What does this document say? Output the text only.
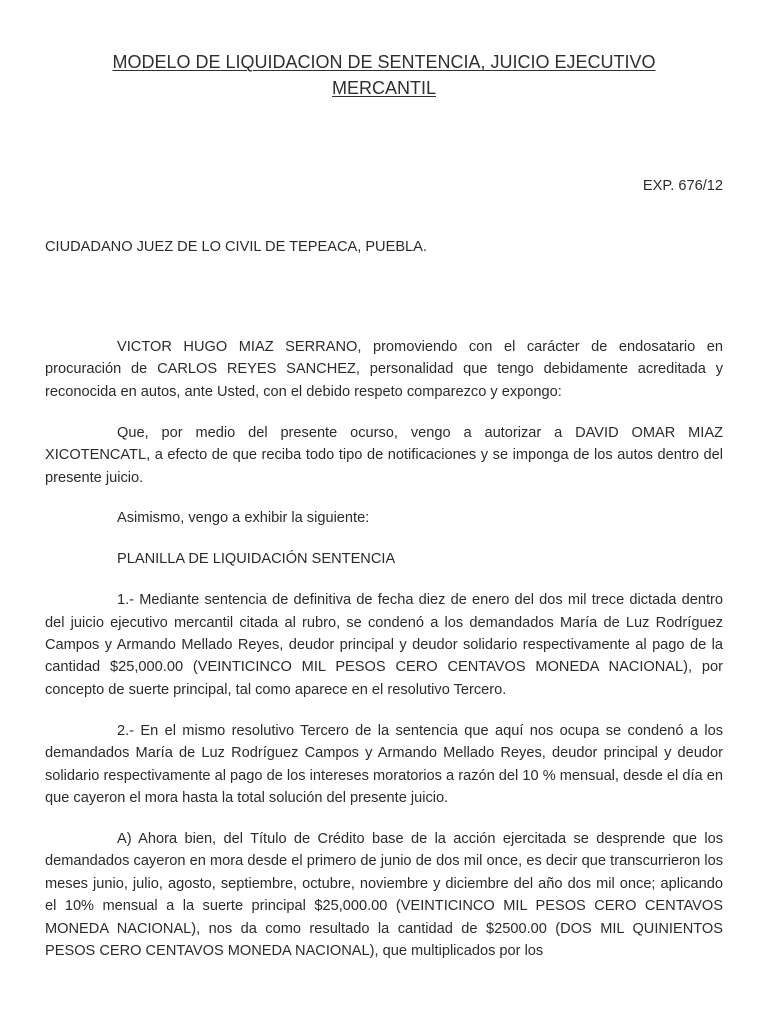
MODELO DE LIQUIDACION DE SENTENCIA, JUICIO EJECUTIVO MERCANTIL
EXP. 676/12
CIUDADANO JUEZ DE LO CIVIL DE TEPEACA, PUEBLA.

VICTOR HUGO MIAZ SERRANO, promoviendo con el carácter de endosatario en procuración de CARLOS REYES SANCHEZ, personalidad que tengo debidamente acreditada y reconocida en autos, ante Usted, con el debido respeto comparezco y expongo:

Que, por medio del presente ocurso, vengo a autorizar a DAVID OMAR MIAZ XICOTENCATL, a efecto de que reciba todo tipo de notificaciones y se imponga de los autos dentro del presente juicio.

Asimismo, vengo a exhibir la siguiente:

PLANILLA DE LIQUIDACIÓN SENTENCIA

1.- Mediante sentencia de definitiva de fecha diez de enero del dos mil trece dictada dentro del juicio ejecutivo mercantil citada al rubro, se condenó a los demandados María de Luz Rodríguez Campos y Armando Mellado Reyes, deudor principal y deudor solidario respectivamente al pago de la cantidad $25,000.00 (VEINTICINCO MIL PESOS CERO CENTAVOS MONEDA NACIONAL), por concepto de suerte principal, tal como aparece en el resolutivo Tercero.

2.- En el mismo resolutivo Tercero de la sentencia que aquí nos ocupa se condenó a los demandados María de Luz Rodríguez Campos y Armando Mellado Reyes, deudor principal y deudor solidario respectivamente al pago de los intereses moratorios a razón del 10 % mensual, desde el día en que cayeron el mora hasta la total solución del presente juicio.

A) Ahora bien, del Título de Crédito base de la acción ejercitada se desprende que los demandados cayeron en mora desde el primero de junio de dos mil once, es decir que transcurrieron los meses junio, julio, agosto, septiembre, octubre, noviembre y diciembre del año dos mil once; aplicando el 10% mensual a la suerte principal $25,000.00 (VEINTICINCO MIL PESOS CERO CENTAVOS MONEDA NACIONAL), nos da como resultado la cantidad de $2500.00 (DOS MIL QUINIENTOS PESOS CERO CENTAVOS MONEDA NACIONAL), que multiplicados por los
